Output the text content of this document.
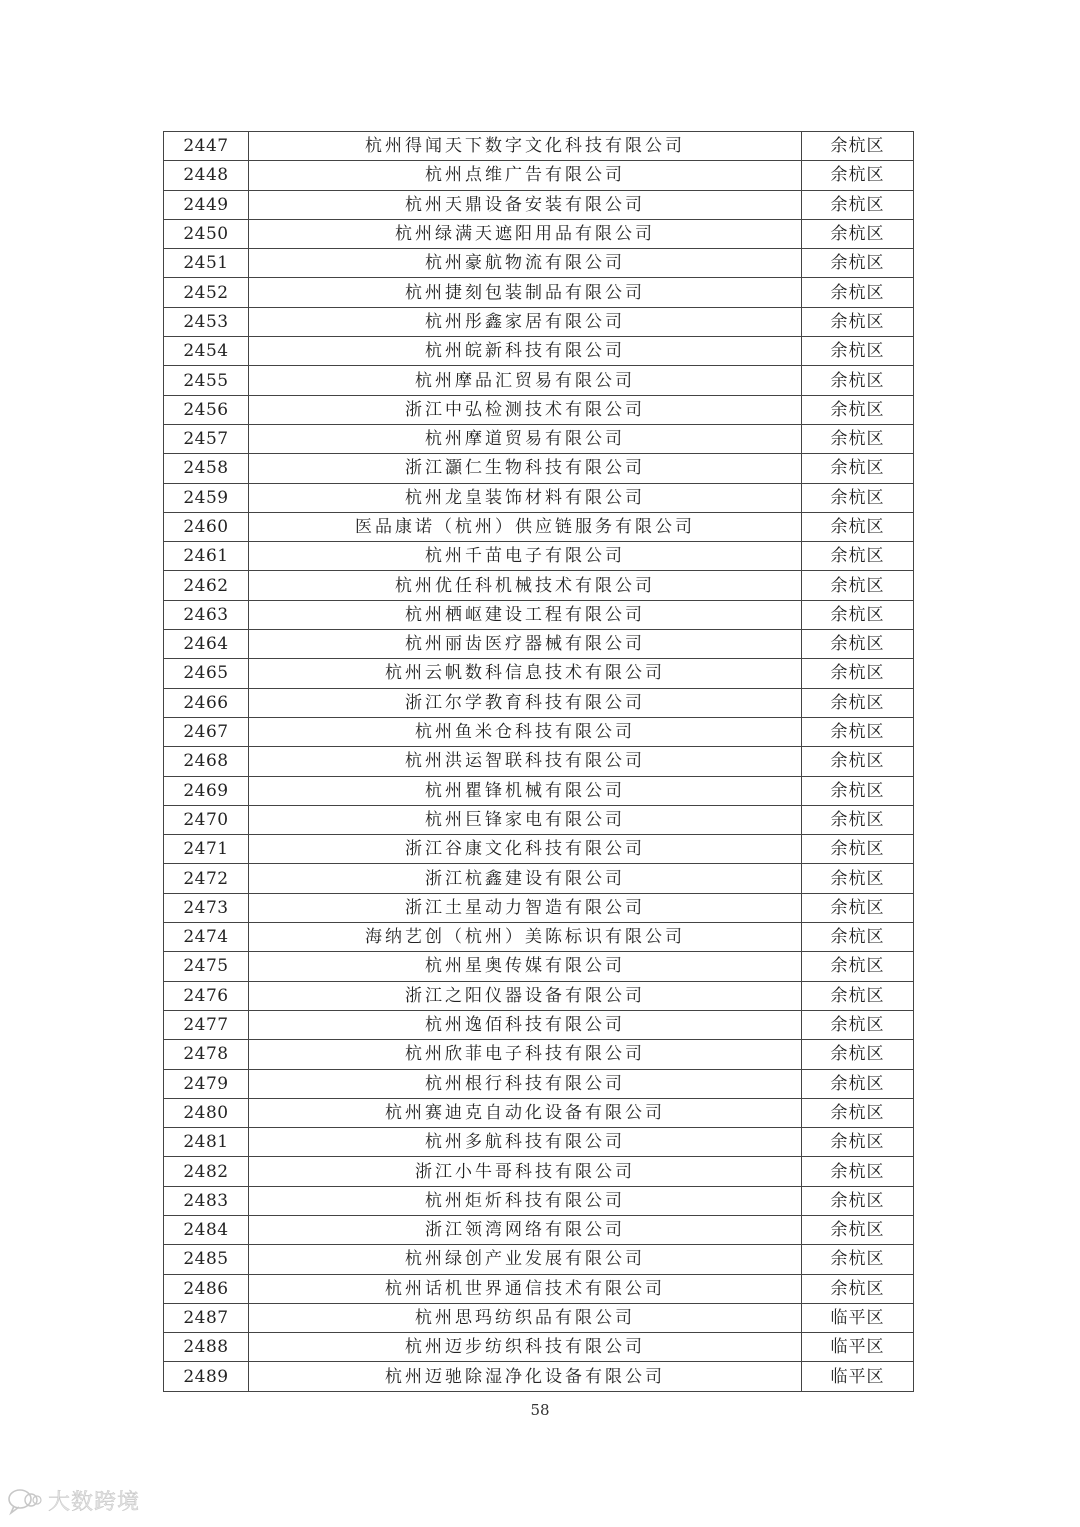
2447	杭州得闻天下数字文化科技有限公司	余杭区
2448	杭州点维广告有限公司	余杭区
2449	杭州天鼎设备安装有限公司	余杭区
2450	杭州绿满天遮阳用品有限公司	余杭区
2451	杭州豪航物流有限公司	余杭区
2452	杭州捷刻包装制品有限公司	余杭区
2453	杭州彤鑫家居有限公司	余杭区
2454	杭州皖新科技有限公司	余杭区
2455	杭州摩品汇贸易有限公司	余杭区
2456	浙江中弘检测技术有限公司	余杭区
2457	杭州摩道贸易有限公司	余杭区
2458	浙江灝仁生物科技有限公司	余杭区
2459	杭州龙皇装饰材料有限公司	余杭区
2460	医品康诺（杭州）供应链服务有限公司	余杭区
2461	杭州千苗电子有限公司	余杭区
2462	杭州优任科机械技术有限公司	余杭区
2463	杭州栖岖建设工程有限公司	余杭区
2464	杭州丽齿医疗器械有限公司	余杭区
2465	杭州云帆数科信息技术有限公司	余杭区
2466	浙江尔学教育科技有限公司	余杭区
2467	杭州鱼米仓科技有限公司	余杭区
2468	杭州洪运智联科技有限公司	余杭区
2469	杭州瞿锋机械有限公司	余杭区
2470	杭州巨锋家电有限公司	余杭区
2471	浙江谷康文化科技有限公司	余杭区
2472	浙江杭鑫建设有限公司	余杭区
2473	浙江土星动力智造有限公司	余杭区
2474	海纳艺创（杭州）美陈标识有限公司	余杭区
2475	杭州星奥传媒有限公司	余杭区
2476	浙江之阳仪器设备有限公司	余杭区
2477	杭州逸佰科技有限公司	余杭区
2478	杭州欣菲电子科技有限公司	余杭区
2479	杭州根行科技有限公司	余杭区
2480	杭州赛迪克自动化设备有限公司	余杭区
2481	杭州多航科技有限公司	余杭区
2482	浙江小牛哥科技有限公司	余杭区
2483	杭州炬炘科技有限公司	余杭区
2484	浙江领湾网络有限公司	余杭区
2485	杭州绿创产业发展有限公司	余杭区
2486	杭州话机世界通信技术有限公司	余杭区
2487	杭州思玛纺织品有限公司	临平区
2488	杭州迈步纺织科技有限公司	临平区
2489	杭州迈驰除湿净化设备有限公司	临平区
58
大数跨境
